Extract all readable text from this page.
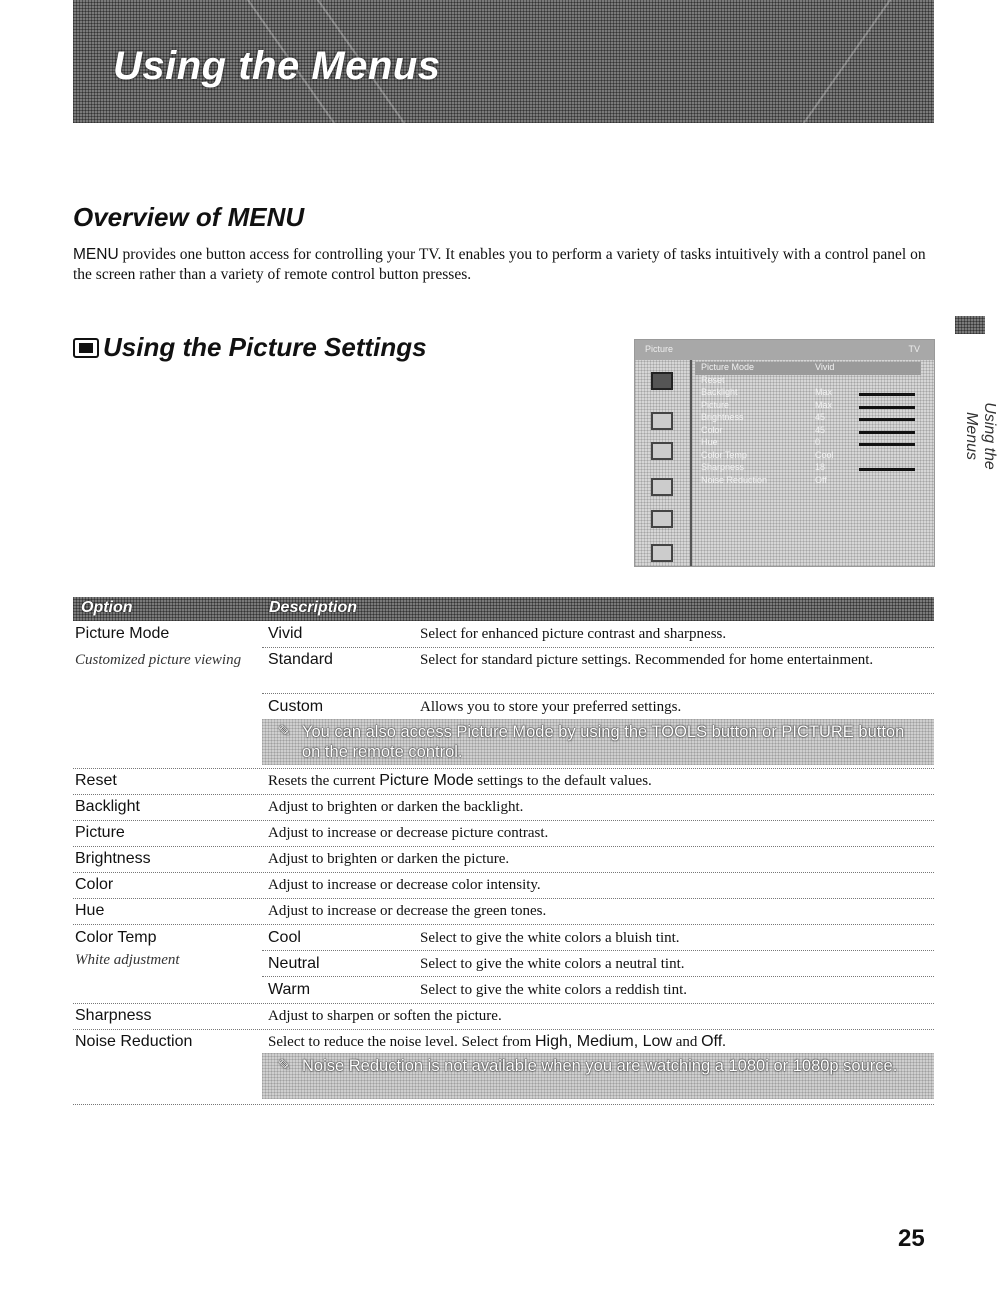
Using the Menus
Overview of MENU

MENU provides one button access for controlling your TV. It enables you to perform a variety of tasks intuitively with a control panel on the screen rather than a variety of remote control button presses.

Using the Picture Settings	Picture	TV
Picture Mode	Vivid
Reset
Backlight	Max
Picture	Max
Brightness	45
Color	45
Hue	0
Color Temp	Cool
Sharpness	18
Noise Reduction	Off
Option	Description
Picture Mode
Customized picture viewing
Vivid	Select for enhanced picture contrast and sharpness.
Standard	Select for standard picture settings. Recommended for home entertainment.
Custom	Allows you to store your preferred settings.
✎ You can also access Picture Mode by using the TOOLS button or PICTURE button on the remote control.
Reset	Resets the current Picture Mode settings to the default values.
Backlight	Adjust to brighten or darken the backlight.
Picture	Adjust to increase or decrease picture contrast.
Brightness	Adjust to brighten or darken the picture.
Color	Adjust to increase or decrease color intensity.
Hue	Adjust to increase or decrease the green tones.
Color Temp
White adjustment
Cool	Select to give the white colors a bluish tint.
Neutral	Select to give the white colors a neutral tint.
Warm	Select to give the white colors a reddish tint.
Sharpness	Adjust to sharpen or soften the picture.
Noise Reduction	Select to reduce the noise level. Select from High, Medium, Low and Off.
✎ Noise Reduction is not available when you are watching a 1080i or 1080p source.
Using the Menus
25
